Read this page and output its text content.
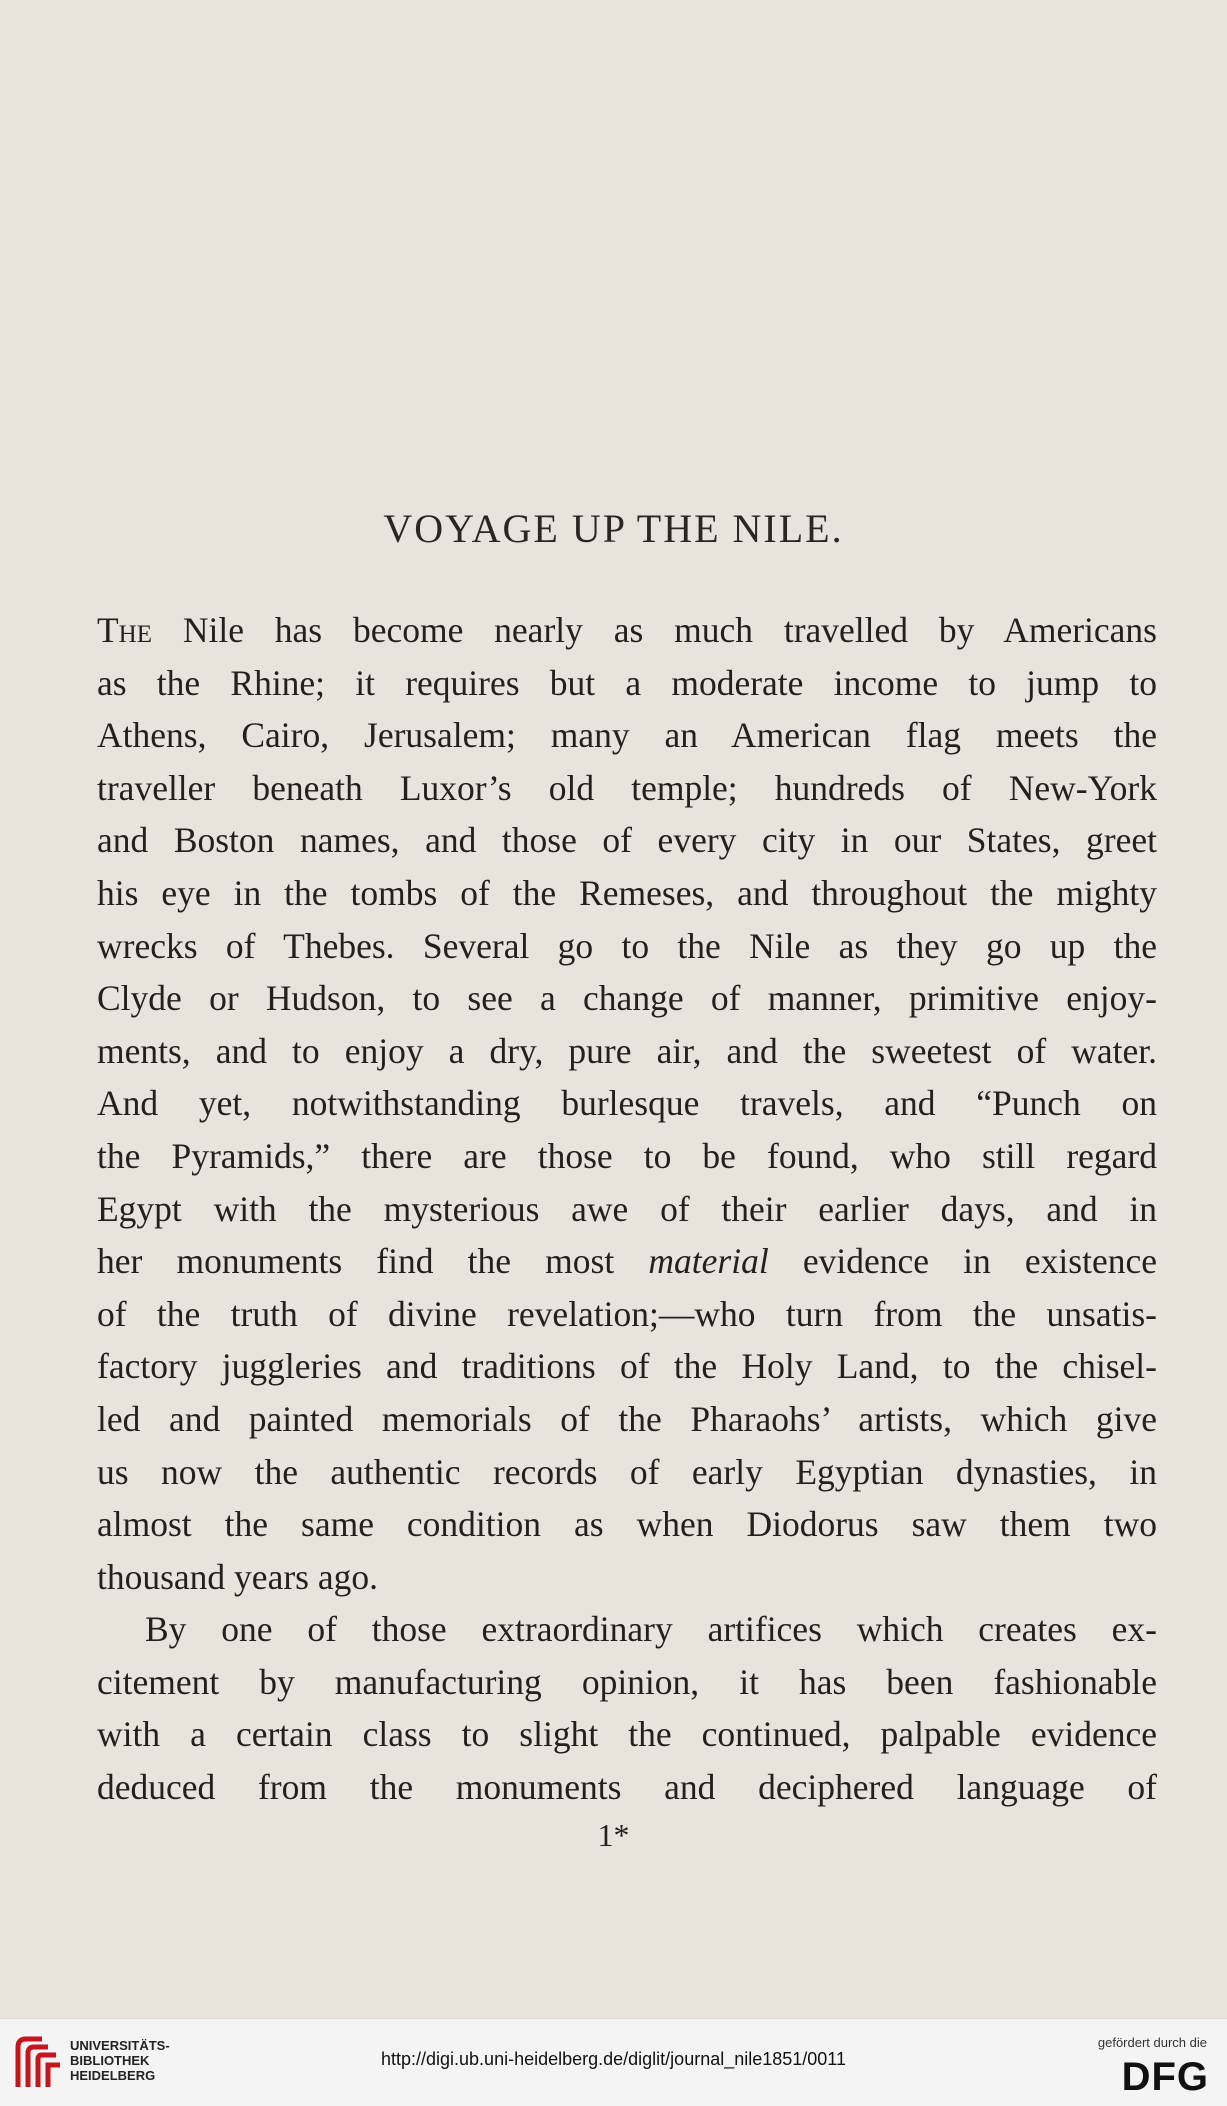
VOYAGE UP THE NILE.
The Nile has become nearly as much travelled by Americans
as the Rhine; it requires but a moderate income to jump to
Athens, Cairo, Jerusalem; many an American flag meets the
traveller beneath Luxor’s old temple; hundreds of New-York
and Boston names, and those of every city in our States, greet
his eye in the tombs of the Remeses, and throughout the mighty
wrecks of Thebes. Several go to the Nile as they go up the
Clyde or Hudson, to see a change of manner, primitive enjoy-
ments, and to enjoy a dry, pure air, and the sweetest of water.
And yet, notwithstanding burlesque travels, and “Punch on
the Pyramids,” there are those to be found, who still regard
Egypt with the mysterious awe of their earlier days, and in
her monuments find the most material evidence in existence
of the truth of divine revelation;—who turn from the unsatis-
factory juggleries and traditions of the Holy Land, to the chisel-
led and painted memorials of the Pharaohs’ artists, which give
us now the authentic records of early Egyptian dynasties, in
almost the same condition as when Diodorus saw them two
thousand years ago.
By one of those extraordinary artifices which creates ex-
citement by manufacturing opinion, it has been fashionable
with a certain class to slight the continued, palpable evidence
deduced from the monuments and deciphered language of
1*
UNIVERSITÄTS-
BIBLIOTHEK
HEIDELBERG
http://digi.ub.uni-heidelberg.de/diglit/journal_nile1851/0011
gefördert durch die
DFG
